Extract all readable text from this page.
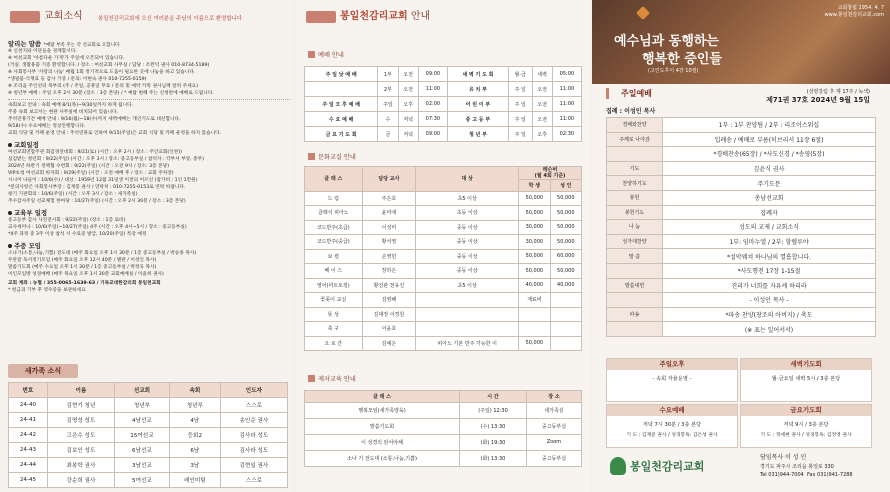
교회소식	봉일천감리교회에 오신 여러분을 주님의 이름으로 환영합니다
알리는 말씀 *예람 부족 주는 각 선교회로 오합니다
※ 신천지와 이단들을 경계합시다.
※ 여선교회 '아름다운 가게'가 주일에 오픈되어 있습니다.
(거실. 생활용품 기증 환영합니다. / 장소 : 여선교회 사무실 / 담당 : 조완덕 권사 010-8734-5189)
※ 사회봉사부 '사랑의 나눔' 매월 1회 정기적으로 도움이 필요한 곳에 나눔을 하고 있습니다.
*생필품·식재료 등 감사 기증 / 문의: 이현숙 권사 010-7255-0159)
※ 조리음 주인선터 목부의 (주 / 주일, 공휴일 무료 / 문의 및 예약 카톡 권사님께 알려 주세요)
※ 청년부 예배 : 주일 오후 2시 30분 (장소 : 3층 본당) / * 예람 변혜 주는 신청반에 예배로 드립니다.
속회보고 안내 : 속회 예배 8/1(목)~9/30일까지 하게 됩니다.
주중 속회 보고서는 현관 사무실에 비치되어 있습니다.
추석연휴기간 예배 안내 : 9/16(월)~18(수)까지 새벽예배는 개인기도로 대신합니다.
9/18(수) 수요예배는 정상진행합니다.
교회 식당 및 카페 운영 안내 : 추석연휴로 인하여 9/15(주일)은 교회 식당 및 카페 운영을 하지 않습니다.
교회일정
여선교회연합주관 회갑경연대회 : 9/21(토) (시간 : 오후 2시 / 장소 : 주안교회(인천))
섬김받는 청년회 : 9/22(주일) (시간 : 오후 3시 / 장소: 중고등부실 / 참석자 : 각부서 부장, 총무)
2024년 하반기 정책협 수련회 : 9/22(주일) (시간 : 오전 9시 / 장소: 3층 본당)
VIP초청 여선교회 바자회 : 9/29(주일) (시간 : 오전 예배 후 / 장소 : 교회 주차장)
시니어 나들이 : 10/6(수) / 대상 : 1959년 12월 31일생 이전의 어르신 (참가비 : 1인 1만원)
*문의사항은 사회봉사부장 : 김재봉 권사 / 연락처 : 010-7255-0153로 연락 바랍니다.
창기 기관회의 : 10/6(주일) (시간 : 오후 3시 / 장소 : 새가족실)
추수감사주일 선교체험 한마당 : 10/27(주일) (시간 : 오후 2시 30분 / 장소 : 3층 본당)
교육부 일정
중고등부 감사 사진전시회 : 9/22(주일) (장소 : 1층 로비)
교사세미나 : 10/6(주일)~10/27(주일) 4주 (시간 : 오후 4시~5시 / 장소 : 중고등부실)
*4주 과정 중 3주 이상 참석 시 수료증 발급, 10/20(주일) 특강 예정
주중 모임
소나기(소통,나눔,기쁨) 전도대 (매주 화요일 오후 1시 30분 / 1층 중고등부실 / 박승종 목사)
두란갈 독서정기모임 (매주 화요일 오후 12시 40분 / 별관 / 이성인 목사)
말씀기도회 (매주 수요일 오후 1시 30분 / 1층 중고등부실 / 박정욱 목사)
이인모임방 성경예배 (매주 목요일 오후 1시 30분 교회예배실 / 이윤희 권사)
교회 계좌 : 농협 / 355-0065-1639-63 / 기독교대한감리회 봉일천교회
* 헌금과 기부 후 영수증을 보관하세요
새가족 소식
번호	이름	선교회	속회	인도자
24-40	김현기 청년	청년부	청년부	스스로
24-41	김명성 성도	4남선교	4남	송인순 권사
24-42	고은수 성도	15여선교	등회2	김사라 성도
24-43	김보인 성도	6남선교	6남	김사라 성도
24-44	최봉학 권사	3남선교	3남	김현일 권사
24-45	강순희 권사	5여선교	레인미팅	스스로
봉일천감리교회 안내
예배 안내
주 일 낮 예 배	1부	오전	09:00	새 벽 기 도 회	월-금	새벽	05:00
	2부	오전	11:00	유 치 부	주 일	오전	11:00
주 일 오 후 예 배	주일	오후	02:00	어 린 이 부	주 일	오전	11:00
수 요 예 배	수	저녁	07:30	중 고 등 부	주 일	오전	11:00
금 요 기 도 회	금	저녁	09:00	청 년 부	주 일	오후	02:30
문화교실 안내
클 래 스	담당 교사	대 상	레슨비
(월 4회 기준)	

			학 생	성 인
드 럼	주은호	초5 이상	50,000	50,000
클래식 피아노	윤미애	초등 이상	50,000	50,000
코드반주(초급)	이성미	중등 이상	30,000	50,000
코드반주(중급)	황서영	중등 이상	30,000	50,000
보 컬	손영민	중등 이상	50,000	60,000
베 이 스	장하은	중등 이상	50,000	50,000
영어(미트토킹)	황진관 천유진	초5 이상	40,000	40,000
꽃꽂이 교실	김영혜		재료비	
뜻 상	김대정 이경원			
축 구	이윤호			
오 로 간	김예은	피아노 기본 반주 가능한 이	50,000	
제자교육 안내
클 래 스	시 간	장 소
행복모임(새가족양육)	(주일) 12:30	새가족실
말씀기도회	(수) 13:30	중고등부실
이 성경의 읽어야해	(화) 19:30	Zoom
소나 기 전도대 (소통,나눔,기쁨)	(화) 13:30	중고등부실
교회창립 1954. 4. 7
www.봉일천감리교회.com
예수님과 동행하는
행복한 증인들
(고린도후서 4장 10절)
주일예배	(성령강림 후 제 17주 / 녹색)
제71권 37호 2024년 9월 15일
집례 : 이성인 목사
경배와찬양	1부 : 1부 찬양팀 / 2부 : 리조이스워십
주께로 나아감	입례송 / 예배로 부름(히브리서 11장 6절)
	*경배찬송(65장) / *사도신경 / *송영(5장)
기도	김윤식 권사
찬양하기도	주기도문
봉헌	총남선교회
봉헌기도	집례자
나 눔	성도의 교제 / 교회소식
성가대찬양	1부: 임마누엘 / 2부: 할렐루야
말 씀	*설악웨쳐 하나님의 열흡합니다.
	*사도행전 17장 1-15절
말씀대면	진리가 너희를 자유케 하리라
	- 이성인 목사 -
파송	*파송 찬양(창조의 아버지) / 축도
	(※ 표는 일어서서)
주일오후
- 속회 자율운영 -
새벽기도회
월-금요일 새벽 5시 / 3층 본당
수요예배
저녁 7시 30분 / 3층 본당
기 도 : 김재준 권사 / 성경봉독: 김은성 권사
금요기도회
저녁 9시 / 3층 본당
기 도 : 정세현 권사 / 성경봉독: 김정영 권사
봉일천감리교회
담임목사 이 성 인
경기도 파주시 조리읍 봉일로 330
Tel 031)944-7004 Fax 031)941-7288
